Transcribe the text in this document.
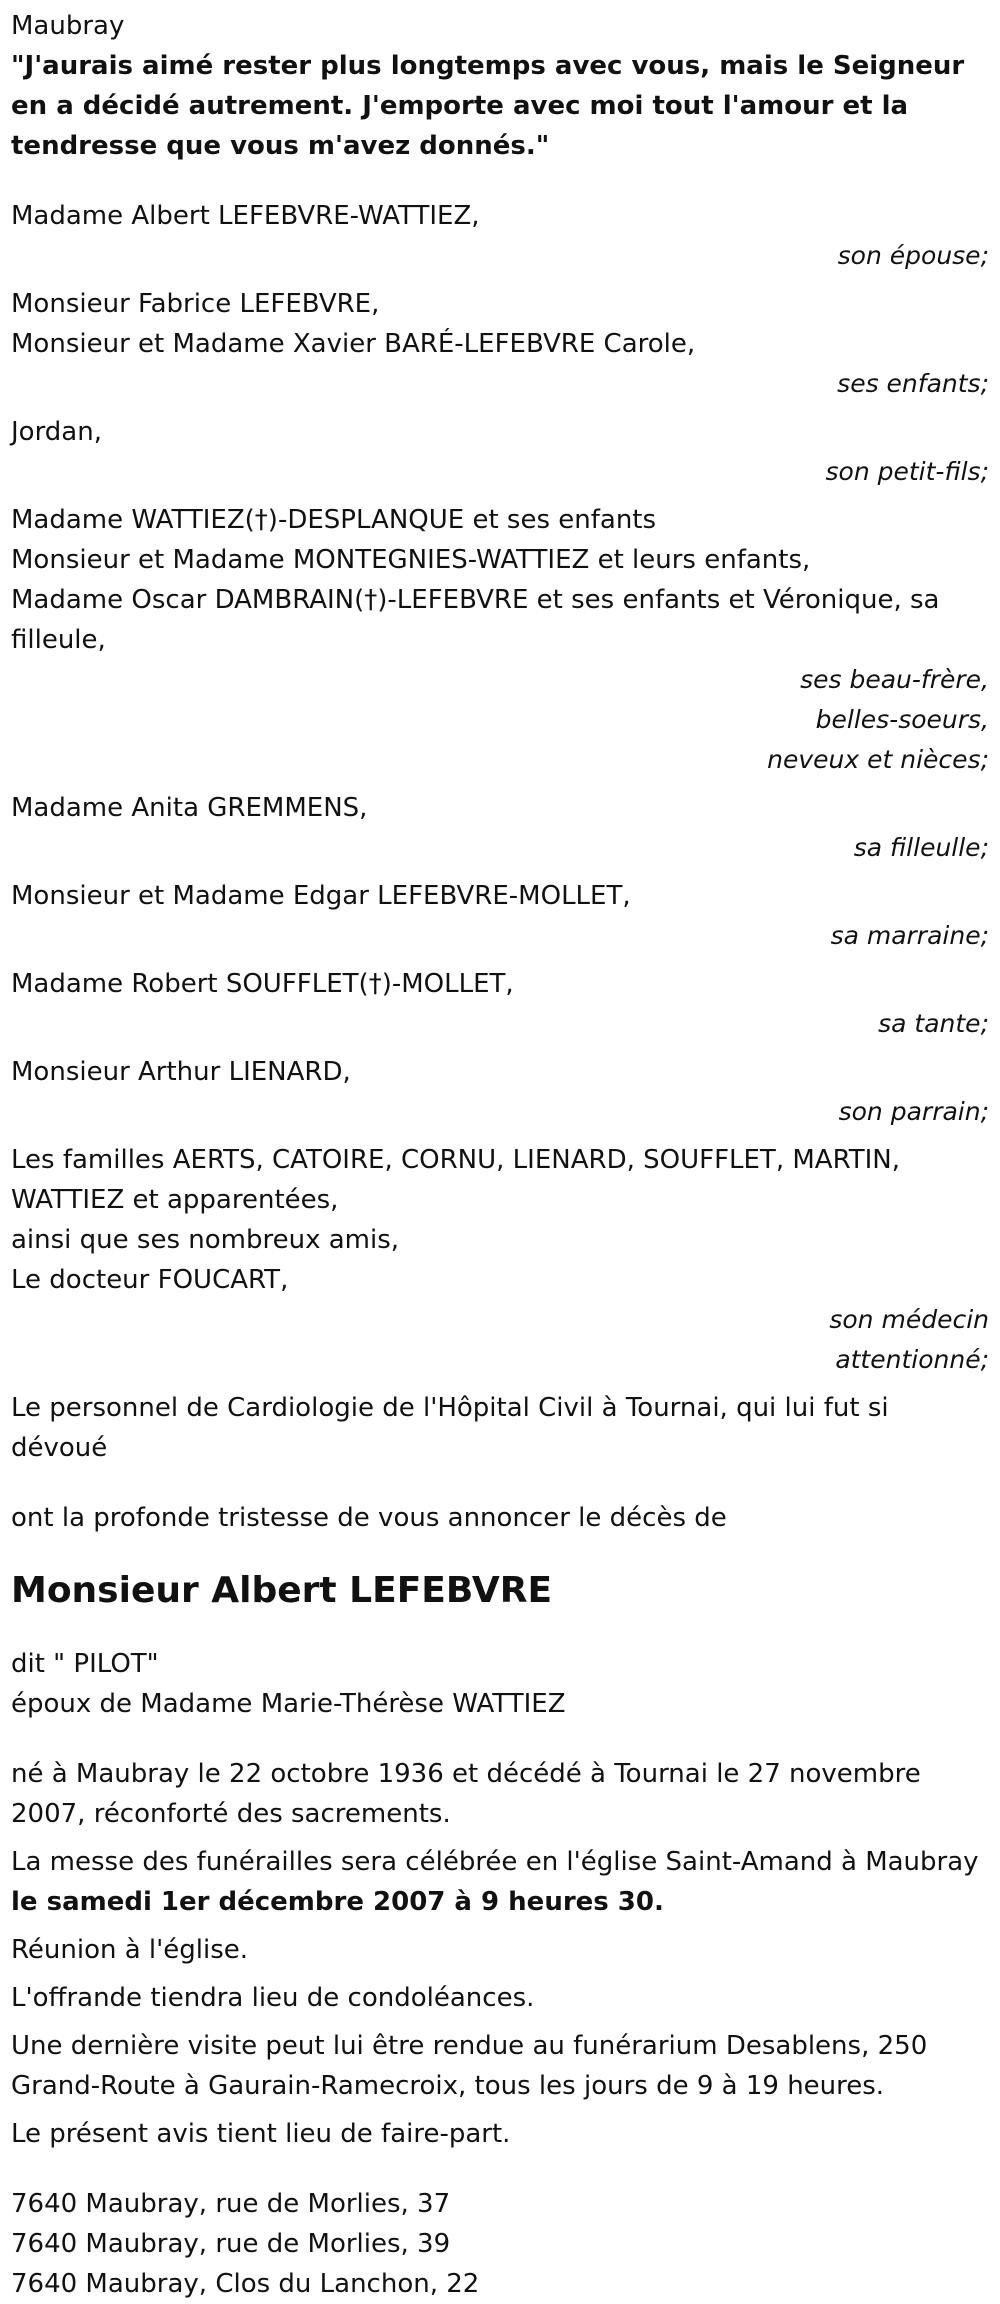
Maubray

"J'aurais aimé rester plus longtemps avec vous, mais le Seigneur en a décidé autrement. J'emporte avec moi tout l'amour et la tendresse que vous m'avez donnés."

Madame Albert LEFEBVRE-WATTIEZ,

son épouse;

Monsieur Fabrice LEFEBVRE,

Monsieur et Madame Xavier BARÉ-LEFEBVRE Carole,

ses enfants;

Jordan,

son petit-fils;

Madame WATTIEZ(†)-DESPLANQUE et ses enfants

Monsieur et Madame MONTEGNIES-WATTIEZ et leurs enfants,

Madame Oscar DAMBRAIN(†)-LEFEBVRE et ses enfants et Véronique, sa filleule,

ses beau-frère,

belles-soeurs,

neveux et nièces;

Madame Anita GREMMENS,

sa filleulle;

Monsieur et Madame Edgar LEFEBVRE-MOLLET,

sa marraine;

Madame Robert SOUFFLET(†)-MOLLET,

sa tante;

Monsieur Arthur LIENARD,

son parrain;

Les familles AERTS, CATOIRE, CORNU, LIENARD, SOUFFLET, MARTIN, WATTIEZ et apparentées,

ainsi que ses nombreux amis,

Le docteur FOUCART,

son médecin

attentionné;

Le personnel de Cardiologie de l'Hôpital Civil à Tournai, qui lui fut si dévoué

ont la profonde tristesse de vous annoncer le décès de

Monsieur Albert LEFEBVRE

dit " PILOT"

époux de Madame Marie-Thérèse WATTIEZ

né à Maubray le 22 octobre 1936 et décédé à Tournai le 27 novembre 2007, réconforté des sacrements.

La messe des funérailles sera célébrée en l'église Saint-Amand à Maubray le samedi 1er décembre 2007 à 9 heures 30.

Réunion à l'église.

L'offrande tiendra lieu de condoléances.

Une dernière visite peut lui être rendue au funérarium Desablens, 250 Grand-Route à Gaurain-Ramecroix, tous les jours de 9 à 19 heures.

Le présent avis tient lieu de faire-part.

7640 Maubray, rue de Morlies, 37

7640 Maubray, rue de Morlies, 39

7640 Maubray, Clos du Lanchon, 22
